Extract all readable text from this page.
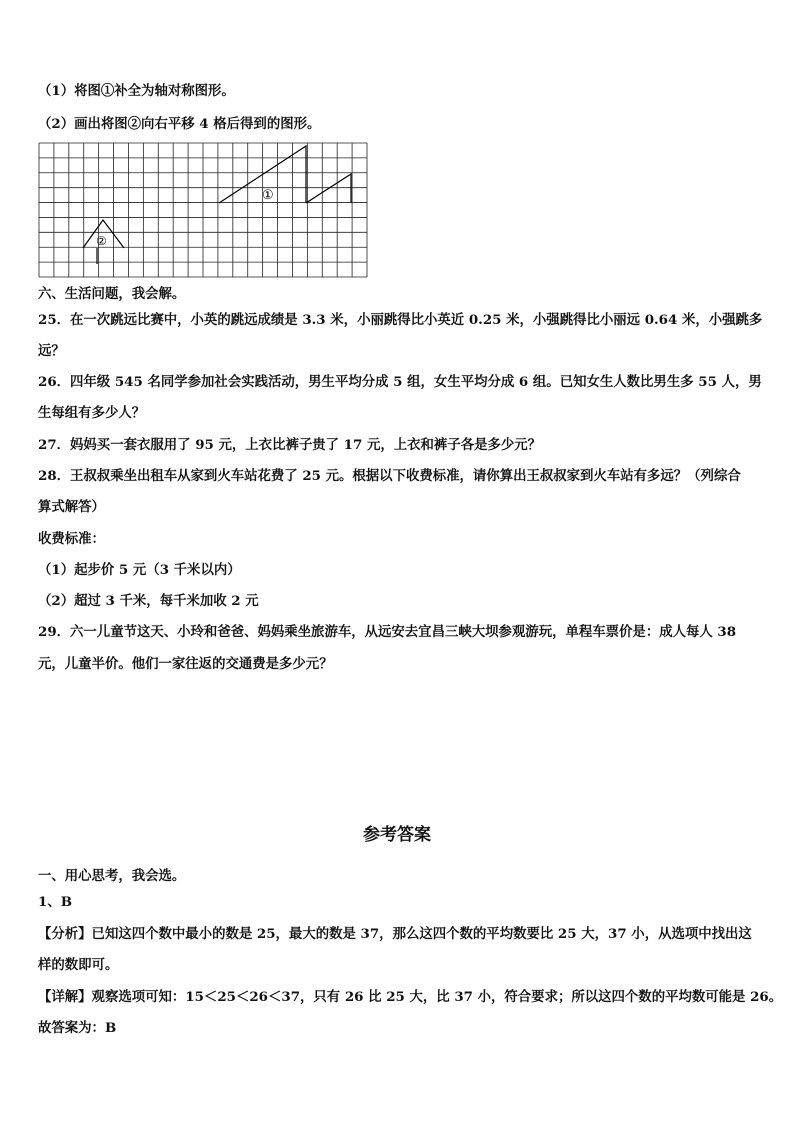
（1）将图①补全为轴对称图形。
（2）画出将图②向右平移 4 格后得到的图形。
①
②
六、生活问题，我会解。
25．在一次跳远比赛中，小英的跳远成绩是 3.3 米，小丽跳得比小英近 0.25 米，小强跳得比小丽远 0.64 米，小强跳多
远？
26．四年级 545 名同学参加社会实践活动，男生平均分成 5 组，女生平均分成 6 组。已知女生人数比男生多 55 人，男
生每组有多少人？
27．妈妈买一套衣服用了 95 元，上衣比裤子贵了 17 元，上衣和裤子各是多少元？
28．王叔叔乘坐出租车从家到火车站花费了 25 元。根据以下收费标准，请你算出王叔叔家到火车站有多远？（列综合
算式解答）
收费标准：
（1）起步价 5 元（3 千米以内）
（2）超过 3 千米，每千米加收 2 元
29．六一儿童节这天、小玲和爸爸、妈妈乘坐旅游车，从远安去宜昌三峡大坝参观游玩，单程车票价是：成人每人 38
元，儿童半价。他们一家往返的交通费是多少元？
参考答案
一、用心思考，我会选。
1、B
【分析】已知这四个数中最小的数是 25，最大的数是 37，那么这四个数的平均数要比 25 大，37 小，从选项中找出这
样的数即可。
【详解】观察选项可知：15＜25＜26＜37，只有 26 比 25 大，比 37 小，符合要求；所以这四个数的平均数可能是 26。
故答案为：B
